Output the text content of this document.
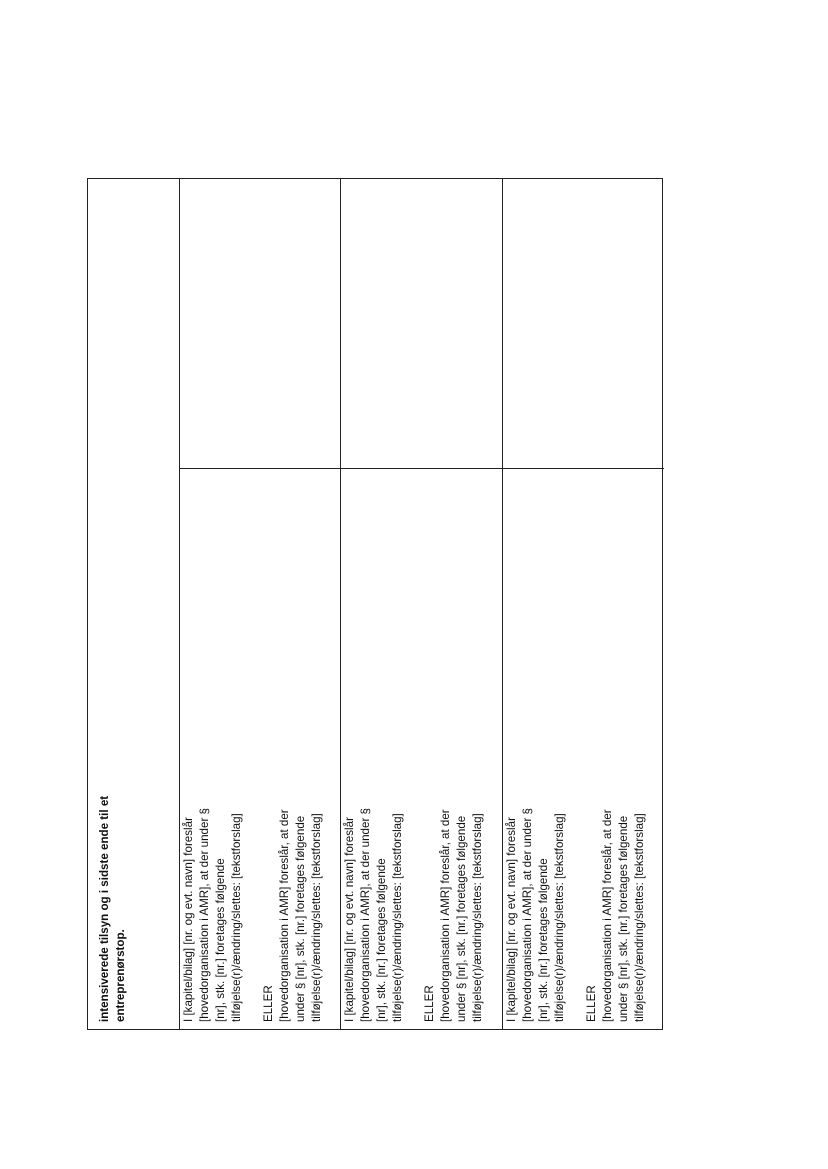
intensiverede tilsyn og i sidste ende til et entreprenørstop.	I [kapitel/bilag] [nr. og evt. navn] foreslår [hovedorganisation i AMR], at der under § [nr], stk. [nr.] foretages følgende tilføjelse(r)/ændring/slettes: [tekstforslag] ELLER [hovedorganisation i AMR] foreslår, at der under § [nr], stk. [nr.] foretages følgende tilføjelse(r)/ændring/slettes: [tekstforslag] I [kapitel/bilag] [nr. og evt. navn] foreslår [hovedorganisation i AMR], at der under § [nr], stk. [nr.] foretages følgende tilføjelse(r)/ændring/slettes: [tekstforslag] ELLER [hovedorganisation i AMR] foreslår, at der under § [nr], stk. [nr.] foretages følgende tilføjelse(r)/ændring/slettes: [tekstforslag] I [kapitel/bilag] [nr. og evt. navn] foreslår [hovedorganisation i AMR], at der under § [nr], stk. [nr.] foretages følgende tilføjelse(r)/ændring/slettes: [tekstforslag] ELLER [hovedorganisation i AMR] foreslår, at der under § [nr], stk. [nr.] foretages følgende tilføjelse(r)/ændring/slettes: [tekstforslag]
